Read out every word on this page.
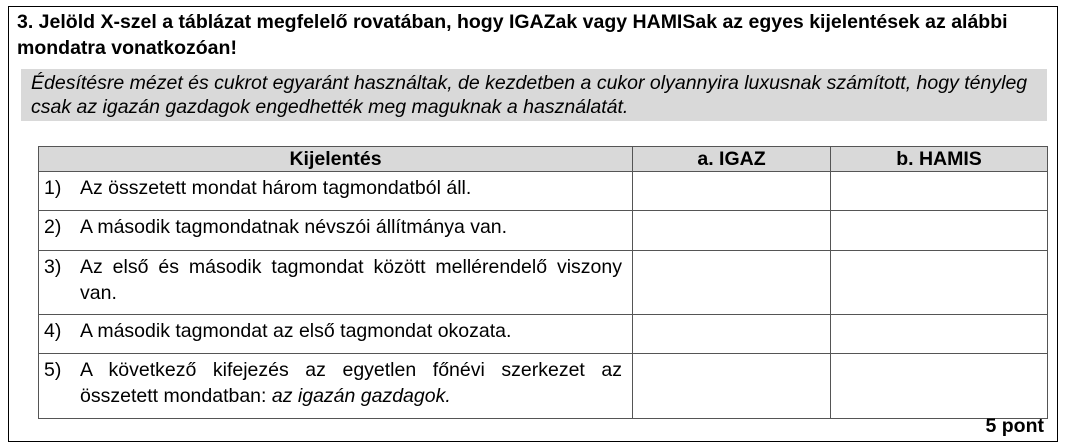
3. Jelöld X-szel a táblázat megfelelő rovatában, hogy IGAZak vagy HAMISak az egyes kijelentések az alábbi mondatra vonatkozóan!
Édesítésre mézet és cukrot egyaránt használtak, de kezdetben a cukor olyannyira luxusnak számított, hogy tényleg csak az igazán gazdagok engedhették meg maguknak a használatát.
Kijelentés	a. IGAZ	b. HAMIS

1) Az összetett mondat három tagmondatból áll.		

2) A második tagmondatnak névszói állítmánya van.		

3) Az első és második tagmondat között mellérendelő viszony van.		

4) A második tagmondat az első tagmondat okozata.		

5) A következő kifejezés az egyetlen főnévi szerkezet az összetett mondatban: az igazán gazdagok.		

5 pont
